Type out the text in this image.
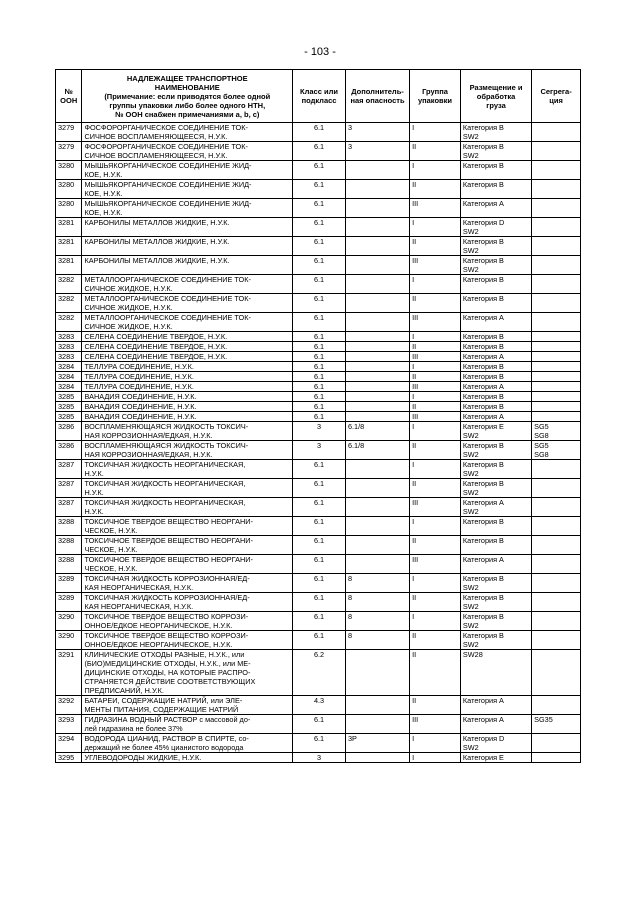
- 103 -
№
ООН	НАДЛЕЖАЩЕЕ ТРАНСПОРТНОЕ
НАИМЕНОВАНИЕ
(Примечание: если приводятся более одной
группы упаковки либо более одного НТН,
№ ООН снабжен примечаниями a, b, c)	Класс или
подкласс	Дополнитель-
ная опасность	Группа
упаковки	Размещение и
обработка
груза	Сегрега-
ция
3279	ФОСФОРОРГАНИЧЕСКОЕ СОЕДИНЕНИЕ ТОК-
СИЧНОЕ ВОСПЛАМЕНЯЮЩЕЕСЯ, Н.У.К.	6.1	3	I	Категория B
SW2	
3279	ФОСФОРОРГАНИЧЕСКОЕ СОЕДИНЕНИЕ ТОК-
СИЧНОЕ ВОСПЛАМЕНЯЮЩЕЕСЯ, Н.У.К.	6.1	3	II	Категория B
SW2	
3280	МЫШЬЯКОРГАНИЧЕСКОЕ СОЕДИНЕНИЕ ЖИД-
КОЕ, Н.У.К.	6.1		I	Категория B	
3280	МЫШЬЯКОРГАНИЧЕСКОЕ СОЕДИНЕНИЕ ЖИД-
КОЕ, Н.У.К.	6.1		II	Категория B	
3280	МЫШЬЯКОРГАНИЧЕСКОЕ СОЕДИНЕНИЕ ЖИД-
КОЕ, Н.У.К.	6.1		III	Категория A	
3281	КАРБОНИЛЫ МЕТАЛЛОВ ЖИДКИЕ, Н.У.К.	6.1		I	Категория D
SW2	
3281	КАРБОНИЛЫ МЕТАЛЛОВ ЖИДКИЕ, Н.У.К.	6.1		II	Категория B
SW2	
3281	КАРБОНИЛЫ МЕТАЛЛОВ ЖИДКИЕ, Н.У.К.	6.1		III	Категория B
SW2	
3282	МЕТАЛЛООРГАНИЧЕСКОЕ СОЕДИНЕНИЕ ТОК-
СИЧНОЕ ЖИДКОЕ, Н.У.К.	6.1		I	Категория B	
3282	МЕТАЛЛООРГАНИЧЕСКОЕ СОЕДИНЕНИЕ ТОК-
СИЧНОЕ ЖИДКОЕ, Н.У.К.	6.1		II	Категория B	
3282	МЕТАЛЛООРГАНИЧЕСКОЕ СОЕДИНЕНИЕ ТОК-
СИЧНОЕ ЖИДКОЕ, Н.У.К.	6.1		III	Категория A	
3283	СЕЛЕНА СОЕДИНЕНИЕ ТВЕРДОЕ, Н.У.К.	6.1		I	Категория B	
3283	СЕЛЕНА СОЕДИНЕНИЕ ТВЕРДОЕ, Н.У.К.	6.1		II	Категория B	
3283	СЕЛЕНА СОЕДИНЕНИЕ ТВЕРДОЕ, Н.У.К.	6.1		III	Категория A	
3284	ТЕЛЛУРА СОЕДИНЕНИЕ, Н.У.К.	6.1		I	Категория B	
3284	ТЕЛЛУРА СОЕДИНЕНИЕ, Н.У.К.	6.1		II	Категория B	
3284	ТЕЛЛУРА СОЕДИНЕНИЕ, Н.У.К.	6.1		III	Категория A	
3285	ВАНАДИЯ СОЕДИНЕНИЕ, Н.У.К.	6.1		I	Категория B	
3285	ВАНАДИЯ СОЕДИНЕНИЕ, Н.У.К.	6.1		II	Категория B	
3285	ВАНАДИЯ СОЕДИНЕНИЕ, Н.У.К.	6.1		III	Категория A	
3286	ВОСПЛАМЕНЯЮЩАЯСЯ ЖИДКОСТЬ ТОКСИЧ-
НАЯ КОРРОЗИОННАЯ/ЕДКАЯ, Н.У.К.	3	6.1/8	I	Категория E
SW2	SG5
SG8
3286	ВОСПЛАМЕНЯЮЩАЯСЯ ЖИДКОСТЬ ТОКСИЧ-
НАЯ КОРРОЗИОННАЯ/ЕДКАЯ, Н.У.К.	3	6.1/8	II	Категория B
SW2	SG5
SG8
3287	ТОКСИЧНАЯ ЖИДКОСТЬ НЕОРГАНИЧЕСКАЯ,
Н.У.К.	6.1		I	Категория B
SW2	
3287	ТОКСИЧНАЯ ЖИДКОСТЬ НЕОРГАНИЧЕСКАЯ,
Н.У.К.	6.1		II	Категория B
SW2	
3287	ТОКСИЧНАЯ ЖИДКОСТЬ НЕОРГАНИЧЕСКАЯ,
Н.У.К.	6.1		III	Категория A
SW2	
3288	ТОКСИЧНОЕ ТВЕРДОЕ ВЕЩЕСТВО НЕОРГАНИ-
ЧЕСКОЕ, Н.У.К.	6.1		I	Категория B	
3288	ТОКСИЧНОЕ ТВЕРДОЕ ВЕЩЕСТВО НЕОРГАНИ-
ЧЕСКОЕ, Н.У.К.	6.1		II	Категория B	
3288	ТОКСИЧНОЕ ТВЕРДОЕ ВЕЩЕСТВО НЕОРГАНИ-
ЧЕСКОЕ, Н.У.К.	6.1		III	Категория A	
3289	ТОКСИЧНАЯ ЖИДКОСТЬ КОРРОЗИОННАЯ/ЕД-
КАЯ НЕОРГАНИЧЕСКАЯ, Н.У.К.	6.1	8	I	Категория B
SW2	
3289	ТОКСИЧНАЯ ЖИДКОСТЬ КОРРОЗИОННАЯ/ЕД-
КАЯ НЕОРГАНИЧЕСКАЯ, Н.У.К.	6.1	8	II	Категория B
SW2	
3290	ТОКСИЧНОЕ ТВЕРДОЕ ВЕЩЕСТВО КОРРОЗИ-
ОННОЕ/ЕДКОЕ НЕОРГАНИЧЕСКОЕ, Н.У.К.	6.1	8	I	Категория B
SW2	
3290	ТОКСИЧНОЕ ТВЕРДОЕ ВЕЩЕСТВО КОРРОЗИ-
ОННОЕ/ЕДКОЕ НЕОРГАНИЧЕСКОЕ, Н.У.К.	6.1	8	II	Категория B
SW2	
3291	КЛИНИЧЕСКИЕ ОТХОДЫ РАЗНЫЕ, Н.У.К., или
(БИО)МЕДИЦИНСКИЕ ОТХОДЫ, Н.У.К., или МЕ-
ДИЦИНСКИЕ ОТХОДЫ, НА КОТОРЫЕ РАСПРО-
СТРАНЯЕТСЯ ДЕЙСТВИЕ СООТВЕТСТВУЮЩИХ
ПРЕДПИСАНИЙ, Н.У.К.	6.2		II	SW28	
3292	БАТАРЕИ, СОДЕРЖАЩИЕ НАТРИЙ, или ЭЛЕ-
МЕНТЫ ПИТАНИЯ, СОДЕРЖАЩИЕ НАТРИЙ	4.3		II	Категория A	
3293	ГИДРАЗИНА ВОДНЫЙ РАСТВОР с массовой до-
лей гидразина не более 37%	6.1		III	Категория A	SG35
3294	ВОДОРОДА ЦИАНИД, РАСТВОР В СПИРТЕ, со-
держащий не более 45% цианистого водорода	6.1	3P	I	Категория D
SW2	
3295	УГЛЕВОДОРОДЫ ЖИДКИЕ, Н.У.К.	3		I	Категория E	
